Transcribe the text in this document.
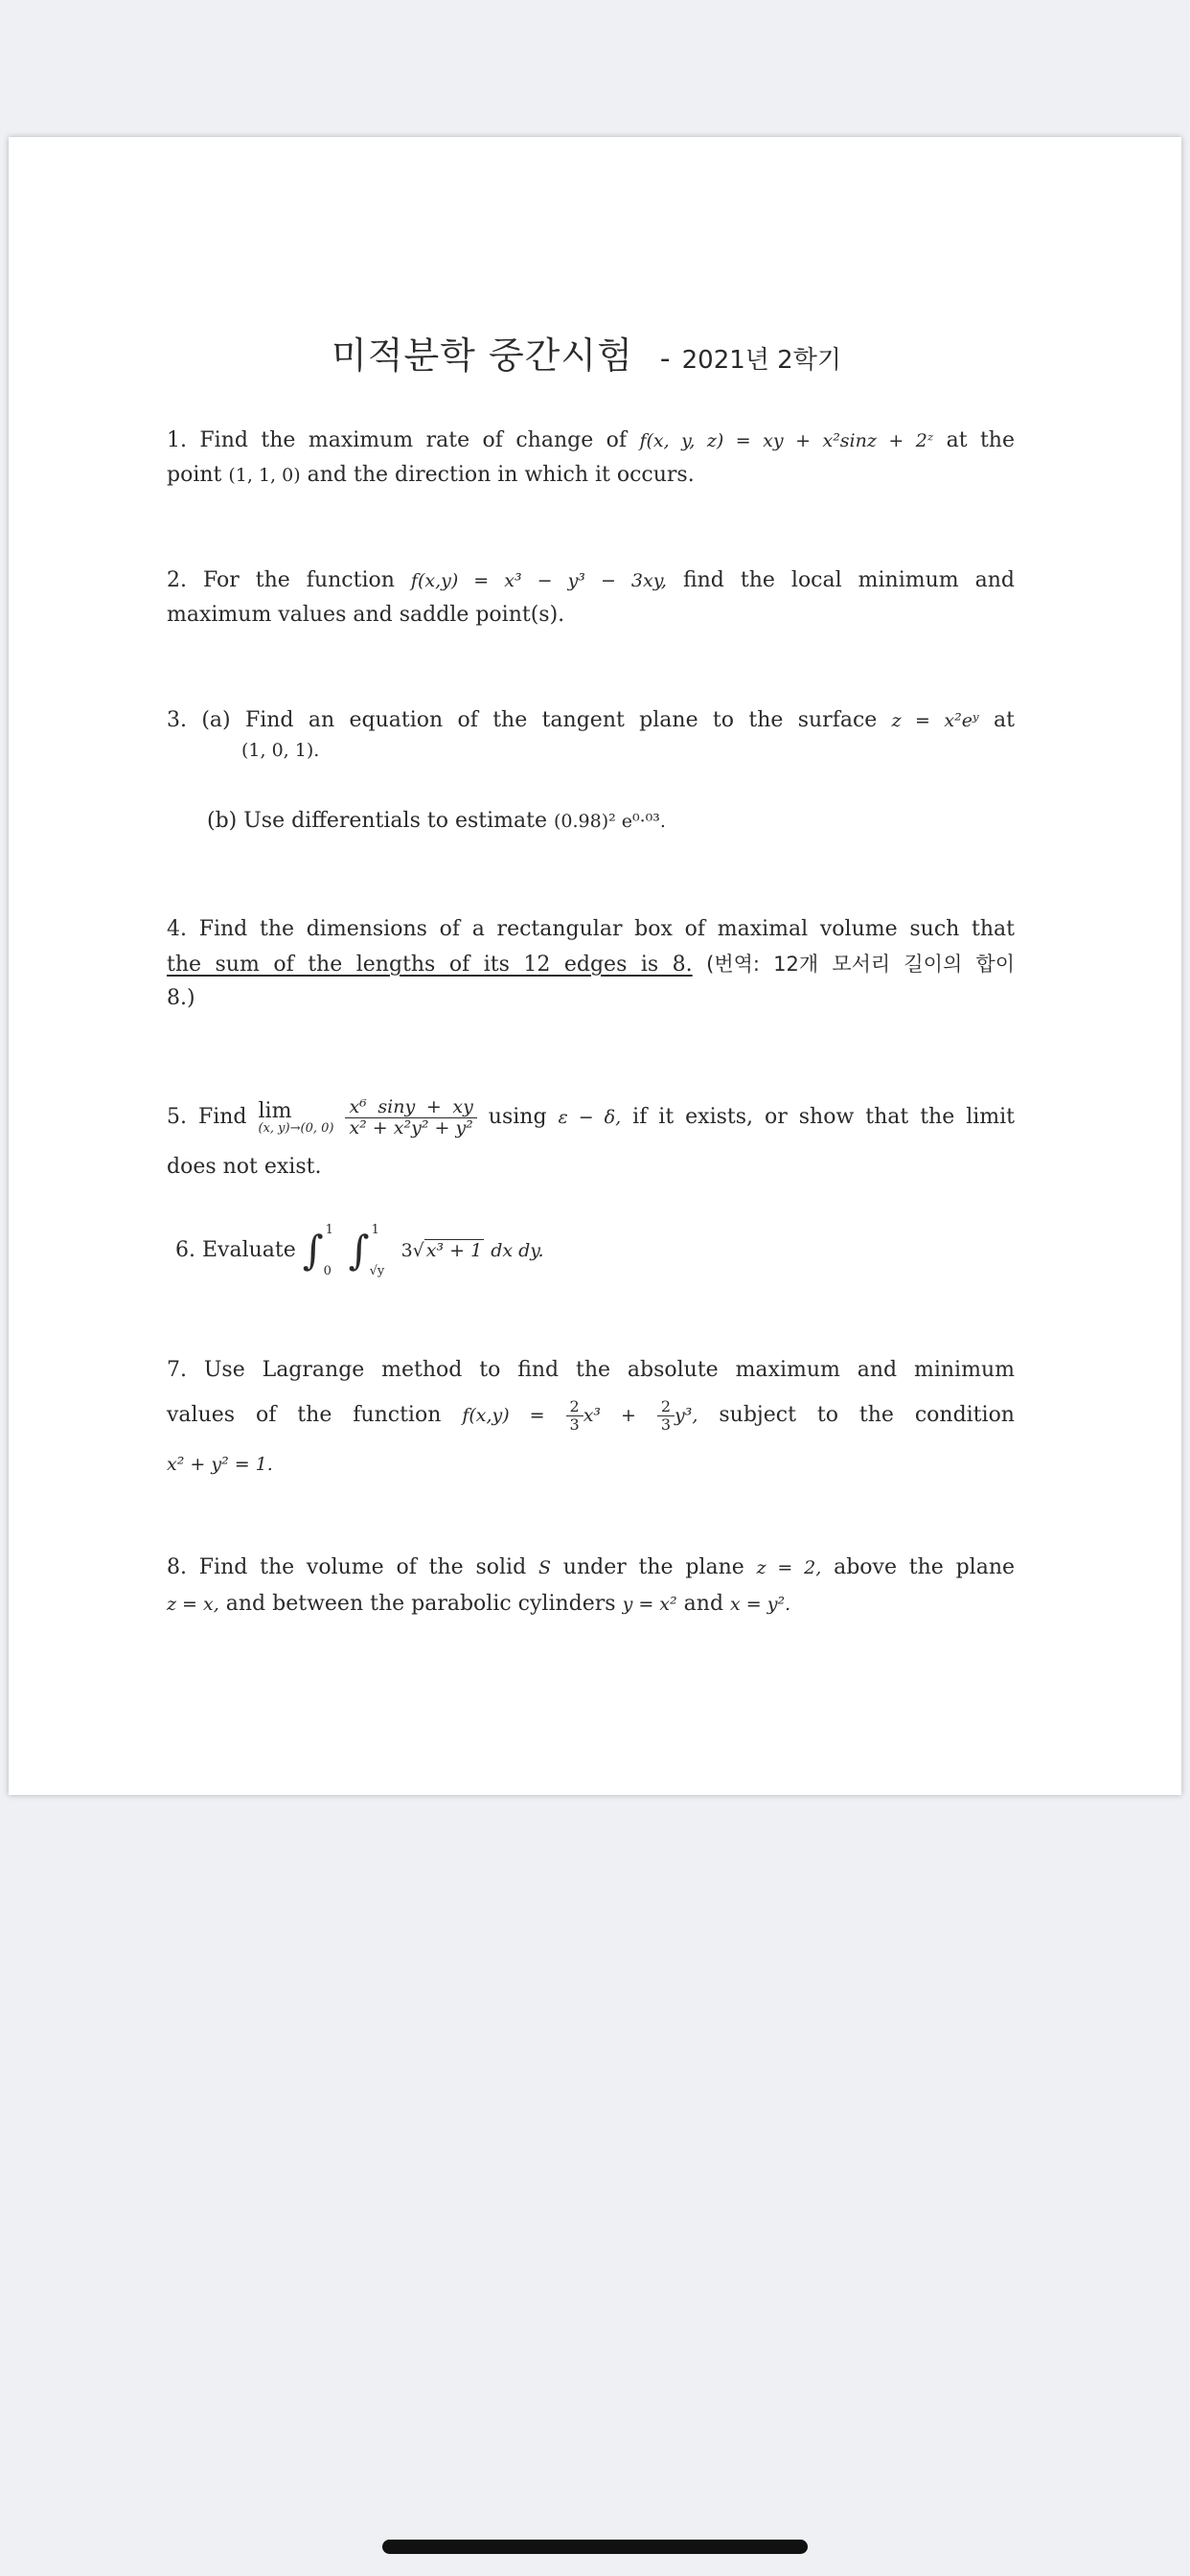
미적분학 중간시험 - 2021년 2학기
1. Find the maximum rate of change of f(x, y, z) = xy + x²sinz + 2ᶻ at the
point (1, 1, 0) and the direction in which it occurs.
2. For the function f(x,y) = x³ − y³ − 3xy, find the local minimum and
maximum values and saddle point(s).
3. (a) Find an equation of the tangent plane to the surface z = x²eʸ at
(1, 0, 1).
(b) Use differentials to estimate (0.98)² e⁰·⁰³.
4. Find the dimensions of a rectangular box of maximal volume such that
the sum of the lengths of its 12 edges is 8. (번역: 12개 모서리 길이의 합이
8.)
5. Find lim
(x, y)→(0, 0)
$\frac{\text{x⁶ siny + xy}}{\text{x² + x²y² + y²}}$ using ε − δ, if it exists, or show that the limit
does not exist.
6. Evaluate ∫ 1
0 ∫ 1
√y
3√ x³ + 1 dx dy.
7. Use Lagrange method to find the absolute maximum and minimum
values of the function $f(x,y) = \frac{2}{3} x^3 + \frac{2}{3} y^3$, subject to the condition
x² + y² = 1.
8. Find the volume of the solid S under the plane z = 2, above the plane
z = x, and between the parabolic cylinders y = x² and x = y².
